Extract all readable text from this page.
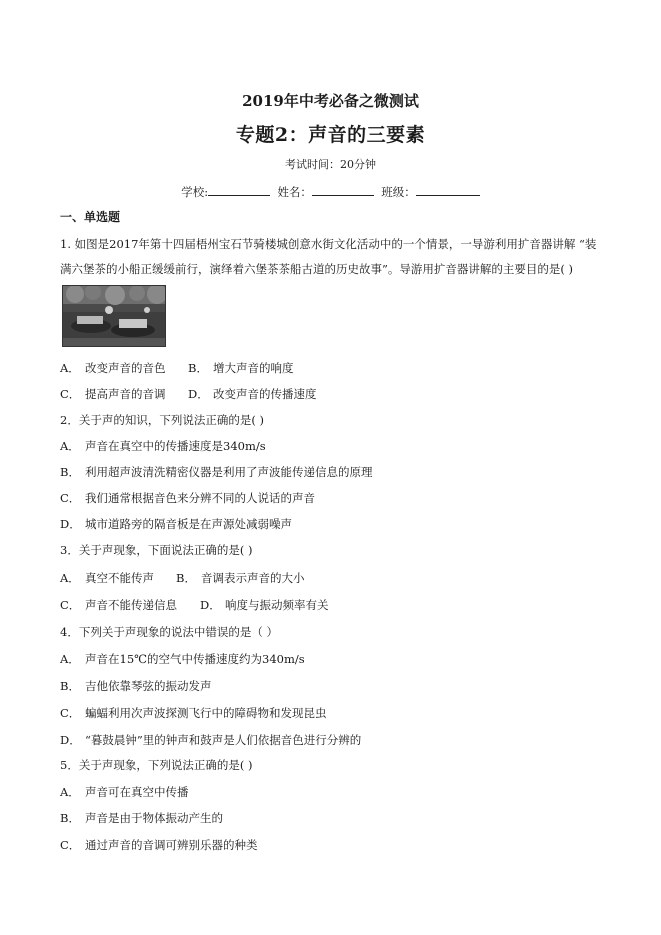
2019年中考必备之微测试
专题2：声音的三要素
考试时间：20分钟
学校:	姓名：	班级：
一、单选题
1. 如图是2017年第十四届梧州宝石节骑楼城创意水街文化活动中的一个情景，一导游利用扩音器讲解 “装
满六堡茶的小船正缓缓前行，演绎着六堡茶茶船古道的历史故事”。导游用扩音器讲解的主要目的是( )
A． 改变声音的音色 B． 增大声音的响度
C． 提高声音的音调 D． 改变声音的传播速度
2．关于声的知识，下列说法正确的是( )
A． 声音在真空中的传播速度是340m/s
B． 利用超声波清洗精密仪器是利用了声波能传递信息的原理
C． 我们通常根据音色来分辨不同的人说话的声音
D． 城市道路旁的隔音板是在声源处减弱噪声
3．关于声现象，下面说法正确的是( )
A． 真空不能传声 B． 音调表示声音的大小
C． 声音不能传递信息 D． 响度与振动频率有关
4．下列关于声现象的说法中错误的是（ ）
A． 声音在15℃的空气中传播速度约为340m/s
B． 吉他依靠琴弦的振动发声
C． 蝙蝠利用次声波探测飞行中的障碍物和发现昆虫
D． “暮鼓晨钟”里的钟声和鼓声是人们依据音色进行分辨的
5．关于声现象，下列说法正确的是( )
A． 声音可在真空中传播
B． 声音是由于物体振动产生的
C． 通过声音的音调可辨别乐器的种类
